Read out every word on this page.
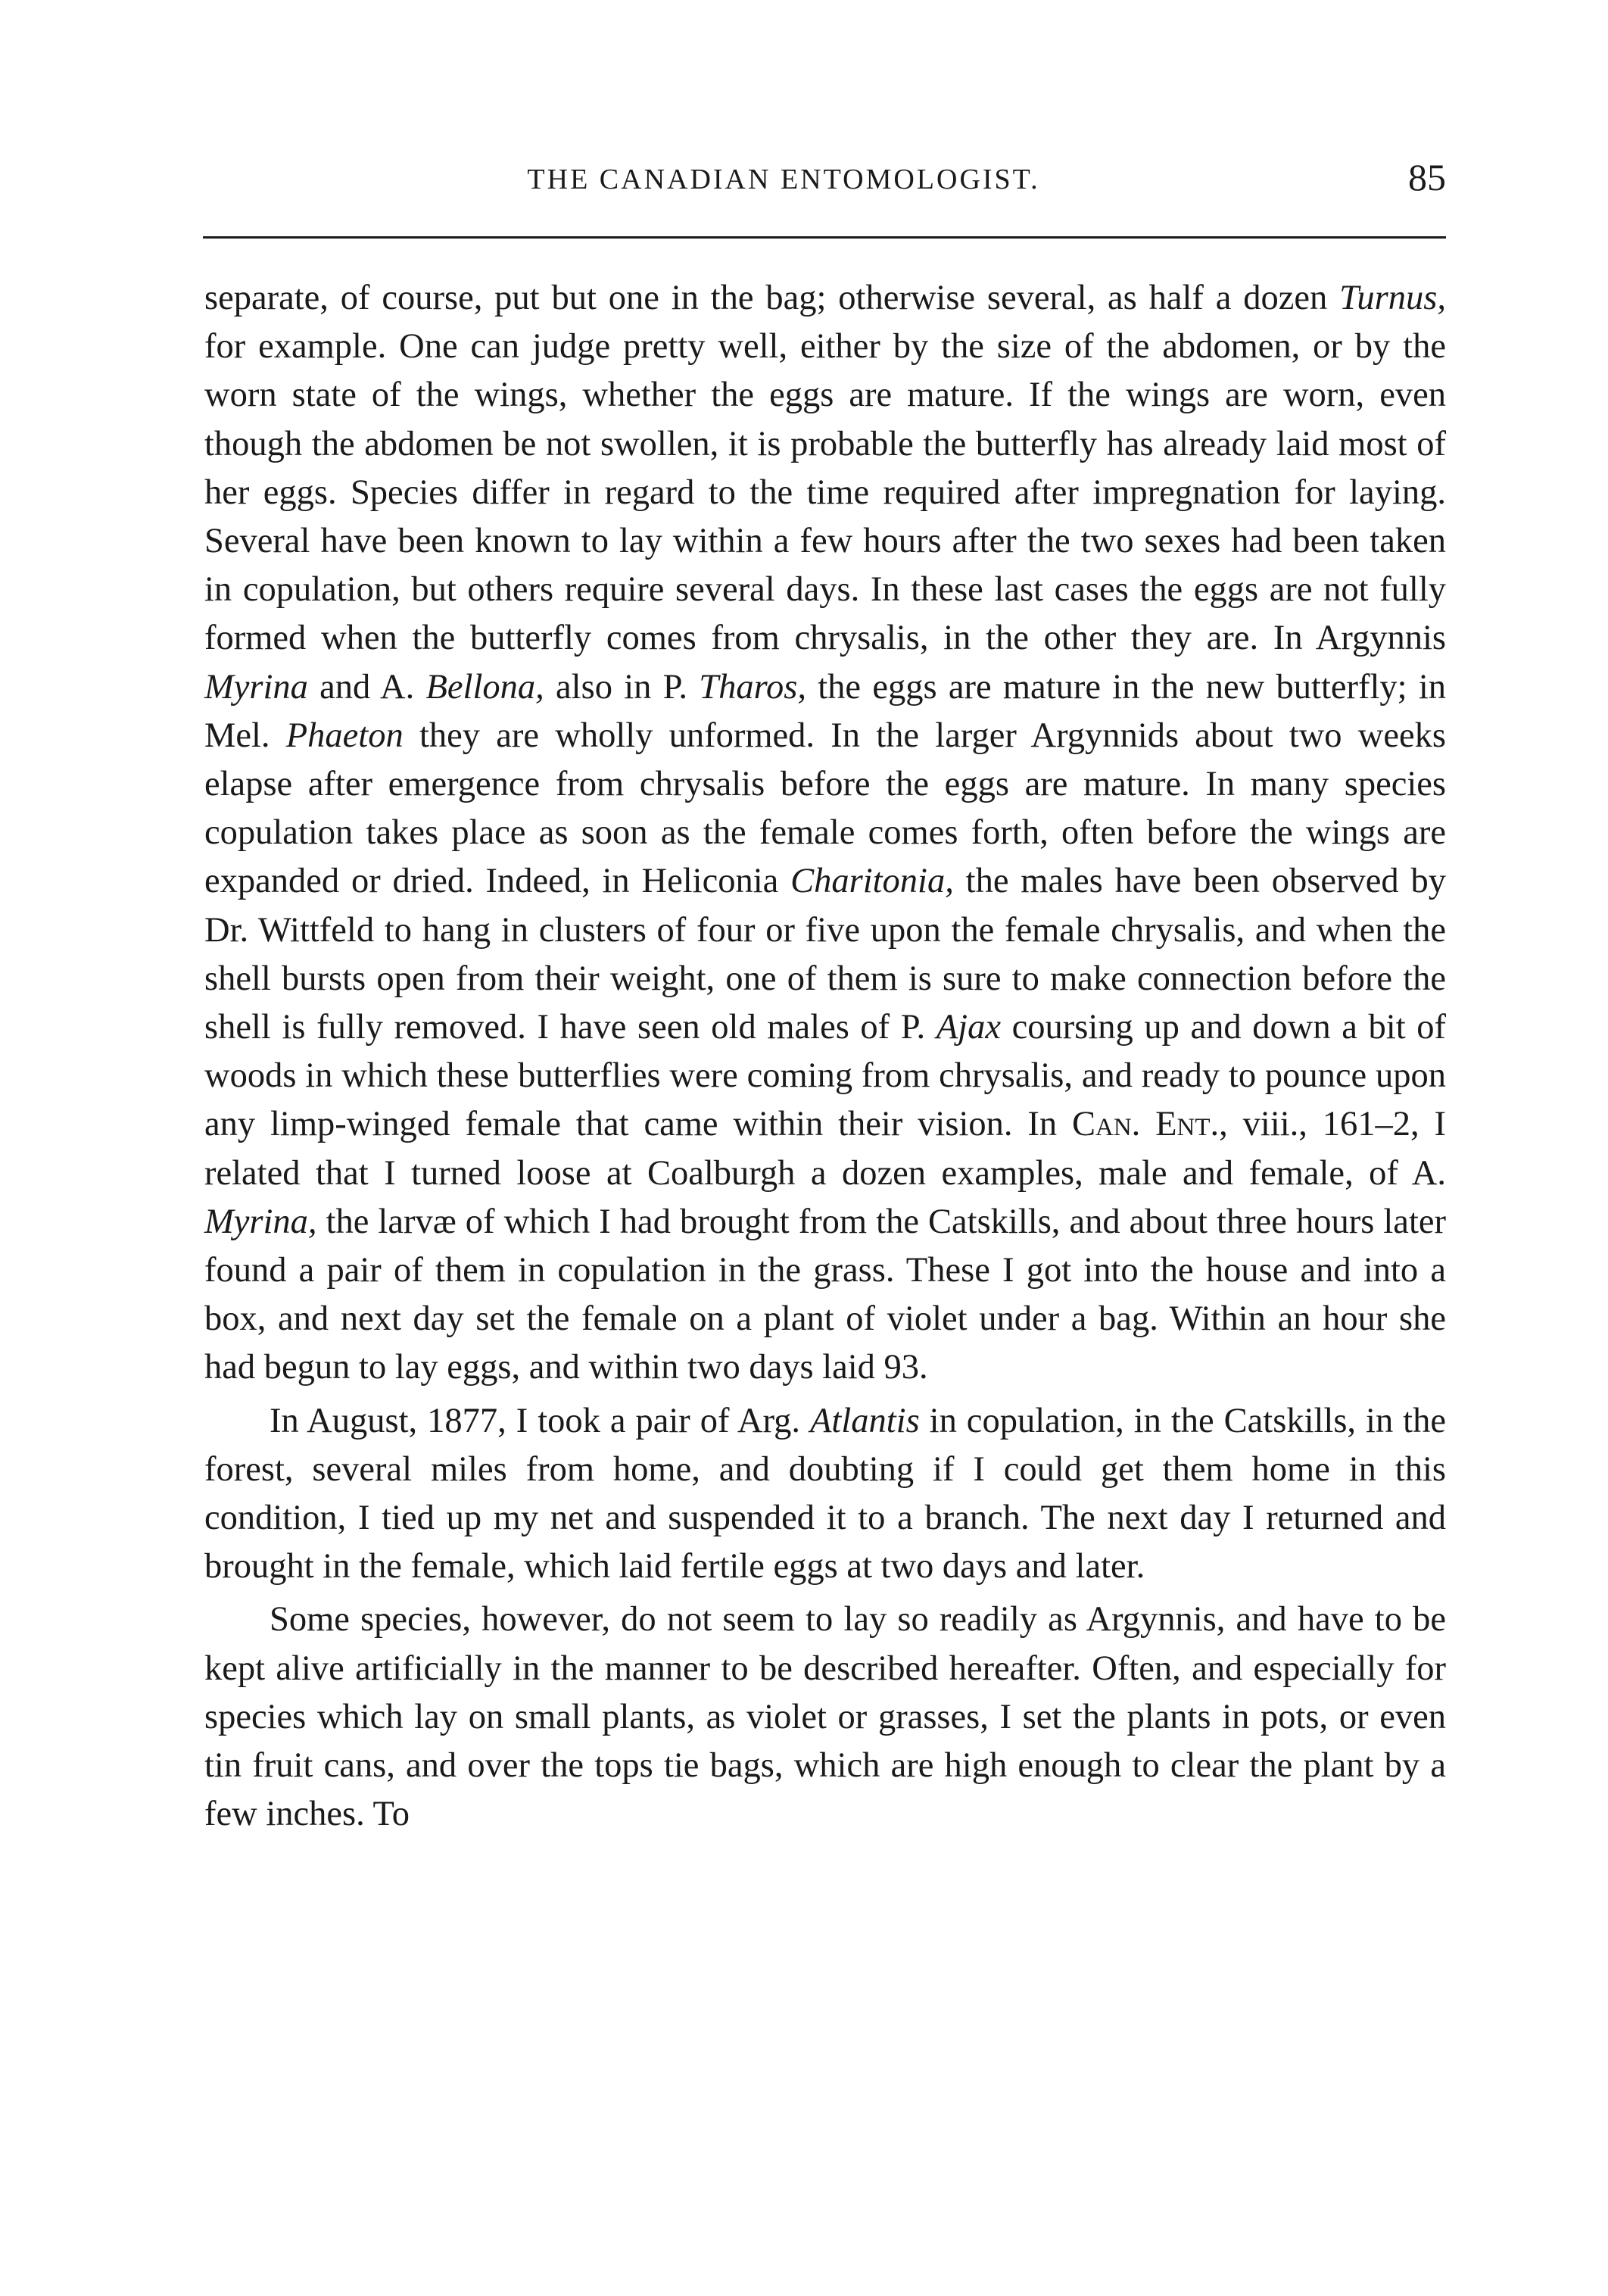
THE CANADIAN ENTOMOLOGIST.	85

separate, of course, put but one in the bag; otherwise several, as half a dozen Turnus, for example. One can judge pretty well, either by the size of the abdomen, or by the worn state of the wings, whether the eggs are mature. If the wings are worn, even though the abdomen be not swollen, it is probable the butterfly has already laid most of her eggs. Species differ in regard to the time required after impregnation for laying. Several have been known to lay within a few hours after the two sexes had been taken in copulation, but others require several days. In these last cases the eggs are not fully formed when the butterfly comes from chrysalis, in the other they are. In Argynnis Myrina and A. Bellona, also in P. Tharos, the eggs are mature in the new butterfly; in Mel. Phaeton they are wholly unformed. In the larger Argynnids about two weeks elapse after emergence from chrysalis before the eggs are mature. In many species copulation takes place as soon as the female comes forth, often before the wings are expanded or dried. Indeed, in Heliconia Charitonia, the males have been observed by Dr. Wittfeld to hang in clusters of four or five upon the female chrysalis, and when the shell bursts open from their weight, one of them is sure to make connection before the shell is fully removed. I have seen old males of P. Ajax coursing up and down a bit of woods in which these butterflies were coming from chrysalis, and ready to pounce upon any limp-winged female that came within their vision. In Can. Ent., viii., 161–2, I related that I turned loose at Coalburgh a dozen examples, male and female, of A. Myrina, the larvæ of which I had brought from the Catskills, and about three hours later found a pair of them in copulation in the grass. These I got into the house and into a box, and next day set the female on a plant of violet under a bag. Within an hour she had begun to lay eggs, and within two days laid 93.

In August, 1877, I took a pair of Arg. Atlantis in copulation, in the Catskills, in the forest, several miles from home, and doubting if I could get them home in this condition, I tied up my net and suspended it to a branch. The next day I returned and brought in the female, which laid fertile eggs at two days and later.

Some species, however, do not seem to lay so readily as Argynnis, and have to be kept alive artificially in the manner to be described hereafter. Often, and especially for species which lay on small plants, as violet or grasses, I set the plants in pots, or even tin fruit cans, and over the tops tie bags, which are high enough to clear the plant by a few inches. To
